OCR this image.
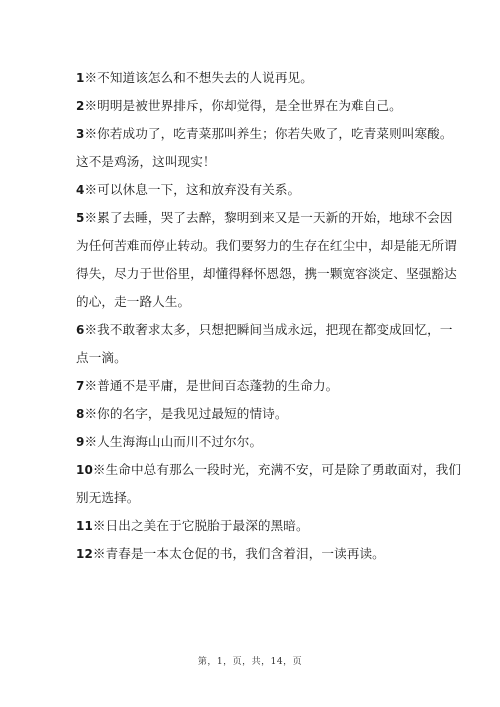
1※不知道该怎么和不想失去的人说再见。
2※明明是被世界排斥，你却觉得，是全世界在为难自己。
3※你若成功了，吃青菜那叫养生；你若失败了，吃青菜则叫寒酸。
这不是鸡汤，这叫现实！
4※可以休息一下，这和放弃没有关系。
5※累了去睡，哭了去醉，黎明到来又是一天新的开始，地球不会因
为任何苦难而停止转动。我们要努力的生存在红尘中，却是能无所谓
得失，尽力于世俗里，却懂得释怀恩怨，携一颗宽容淡定、坚强豁达
的心，走一路人生。
6※我不敢奢求太多，只想把瞬间当成永远，把现在都变成回忆，一
点一滴。
7※普通不是平庸，是世间百态蓬勃的生命力。
8※你的名字，是我见过最短的情诗。
9※人生海海山山而川不过尔尔。
10※生命中总有那么一段时光，充满不安，可是除了勇敢面对，我们
别无选择。
11※日出之美在于它脱胎于最深的黑暗。
12※青春是一本太仓促的书，我们含着泪，一读再读。
第，1，页，共，14，页
